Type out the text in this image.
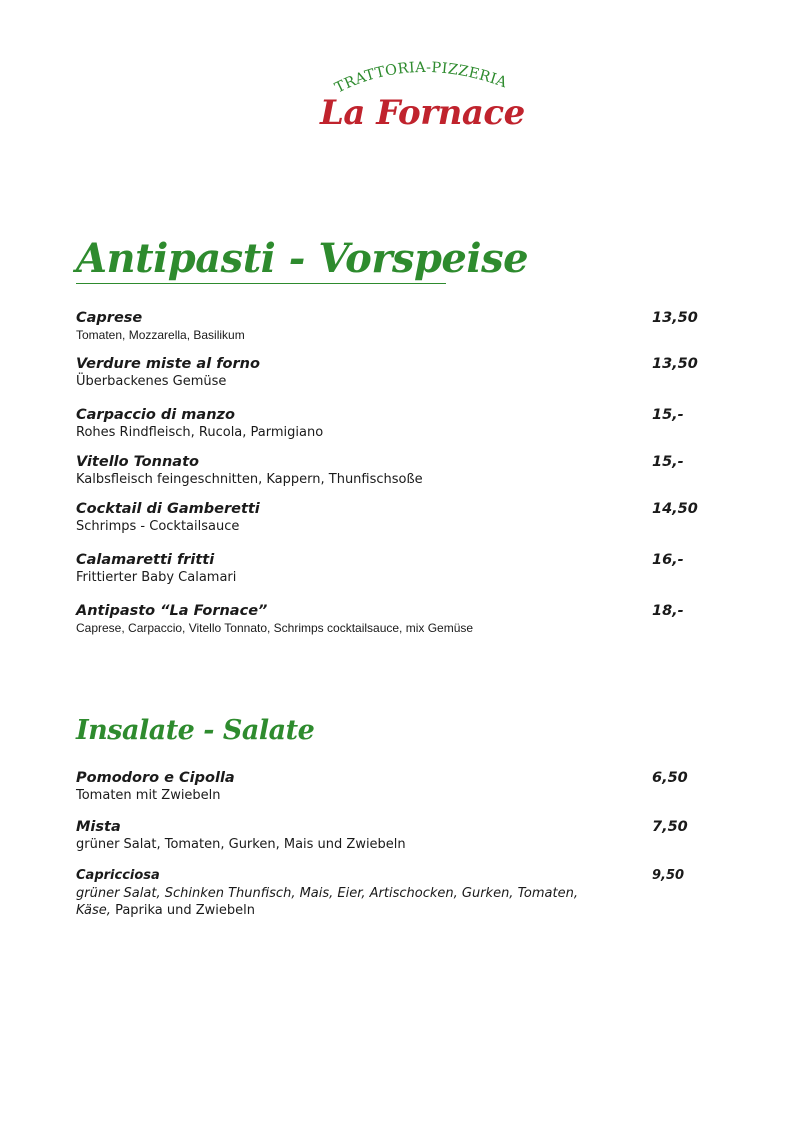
TRATTORIA-PIZZERIA
La Fornace
Antipasti - Vorspeise
Caprese	13,50
Tomaten, Mozzarella, Basilikum
Verdure miste al forno	13,50
Überbackenes Gemüse
Carpaccio di manzo	15,-
Rohes Rindfleisch, Rucola, Parmigiano
Vitello Tonnato	15,-
Kalbsfleisch feingeschnitten, Kappern, Thunfischsoße
Cocktail di Gamberetti	14,50
Schrimps - Cocktailsauce
Calamaretti fritti	16,-
Frittierter Baby Calamari
Antipasto “La Fornace”	18,-
Caprese, Carpaccio, Vitello Tonnato, Schrimps cocktailsauce, mix Gemüse
Insalate - Salate
Pomodoro e Cipolla	6,50
Tomaten mit Zwiebeln
Mista	7,50
grüner Salat, Tomaten, Gurken, Mais und Zwiebeln
Capricciosa	9,50
grüner Salat, Schinken Thunfisch, Mais, Eier, Artischocken, Gurken, Tomaten,
Käse, Paprika und Zwiebeln
